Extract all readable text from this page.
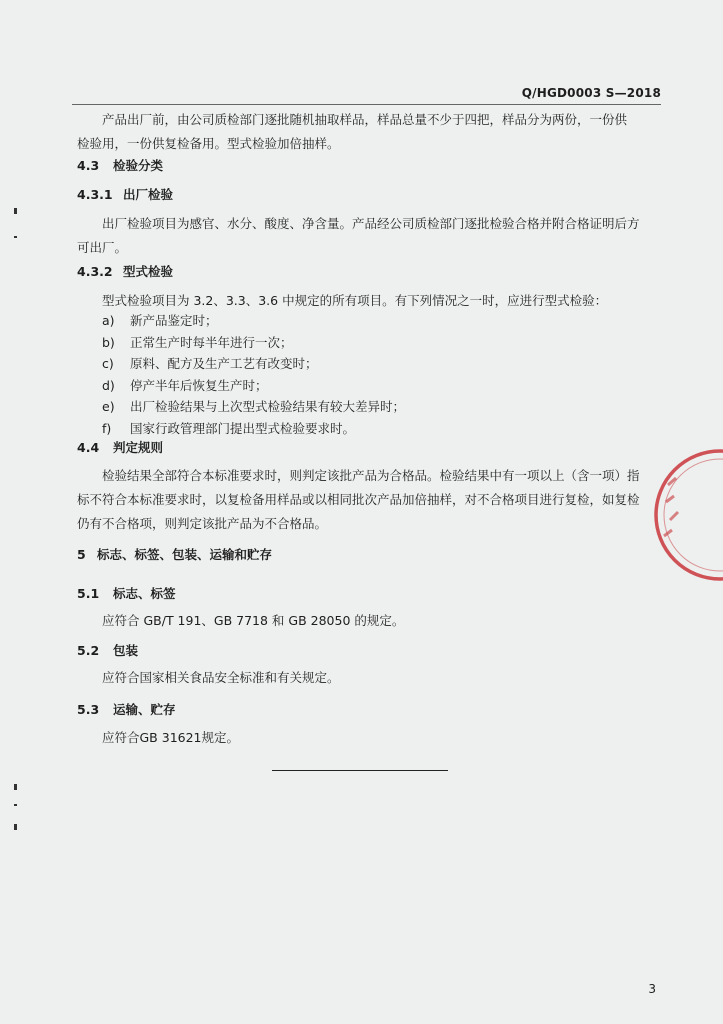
Q/HGD0003 S—2018

产品出厂前，由公司质检部门逐批随机抽取样品，样品总量不少于四把，样品分为两份，一份供
检验用，一份供复检备用。型式检验加倍抽样。

4.3 检验分类
4.3.1 出厂检验

出厂检验项目为感官、水分、酸度、净含量。产品经公司质检部门逐批检验合格并附合格证明后方
可出厂。

4.3.2 型式检验

型式检验项目为 3.2、3.3、3.6 中规定的所有项目。有下列情况之一时，应进行型式检验：

a) 新产品鉴定时；
b) 正常生产时每半年进行一次；
c) 原料、配方及生产工艺有改变时；
d) 停产半年后恢复生产时；
e) 出厂检验结果与上次型式检验结果有较大差异时；
f) 国家行政管理部门提出型式检验要求时。
4.4 判定规则

检验结果全部符合本标准要求时，则判定该批产品为合格品。检验结果中有一项以上（含一项）指
标不符合本标准要求时，以复检备用样品或以相同批次产品加倍抽样，对不合格项目进行复检，如复检
仍有不合格项，则判定该批产品为不合格品。

5 标志、标签、包装、运输和贮存
5.1 标志、标签

应符合 GB/T 191、GB 7718 和 GB 28050 的规定。

5.2 包装

应符合国家相关食品安全标准和有关规定。

5.3 运输、贮存

应符合GB 31621规定。

3
